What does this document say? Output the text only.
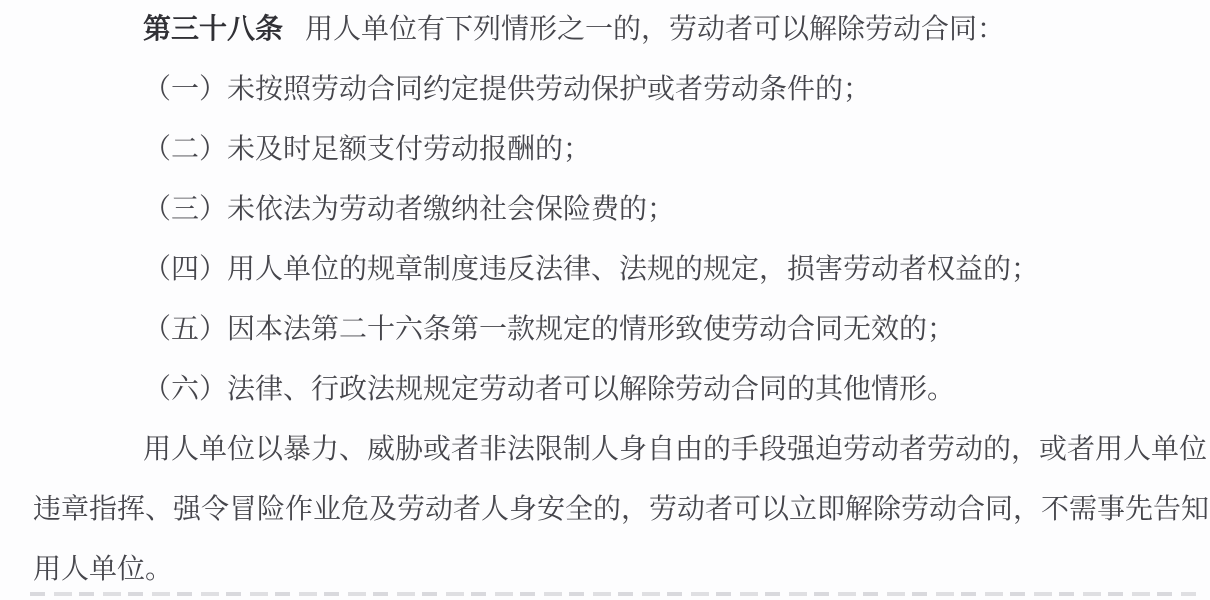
第三十八条 用人单位有下列情形之一的，劳动者可以解除劳动合同：
（一）未按照劳动合同约定提供劳动保护或者劳动条件的；
（二）未及时足额支付劳动报酬的；
（三）未依法为劳动者缴纳社会保险费的；
（四）用人单位的规章制度违反法律、法规的规定，损害劳动者权益的；
（五）因本法第二十六条第一款规定的情形致使劳动合同无效的；
（六）法律、行政法规规定劳动者可以解除劳动合同的其他情形。
用人单位以暴力、威胁或者非法限制人身自由的手段强迫劳动者劳动的，或者用人单位
违章指挥、强令冒险作业危及劳动者人身安全的，劳动者可以立即解除劳动合同，不需事先告知
用人单位。
